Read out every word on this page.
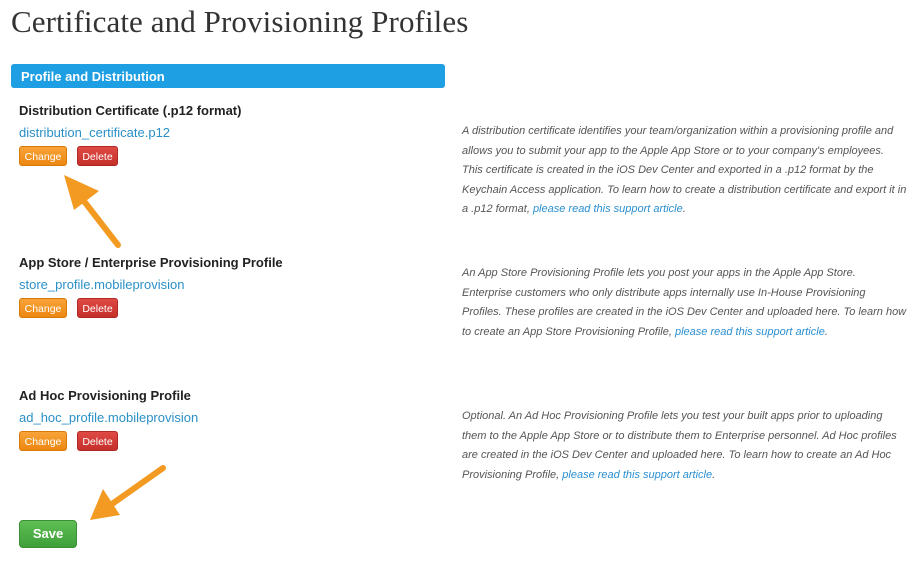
Certificate and Provisioning Profiles
Profile and Distribution
Distribution Certificate (.p12 format)
distribution_certificate.p12
Change	Delete
A distribution certificate identifies your team/organization within a provisioning profile and allows you to submit your app to the Apple App Store or to your company's employees. This certificate is created in the iOS Dev Center and exported in a .p12 format by the Keychain Access application. To learn how to create a distribution certificate and export it in a .p12 format, please read this support article.
App Store / Enterprise Provisioning Profile
store_profile.mobileprovision
Change	Delete
An App Store Provisioning Profile lets you post your apps in the Apple App Store. Enterprise customers who only distribute apps internally use In-House Provisioning Profiles. These profiles are created in the iOS Dev Center and uploaded here. To learn how to create an App Store Provisioning Profile, please read this support article.
Ad Hoc Provisioning Profile
ad_hoc_profile.mobileprovision
Change	Delete
Optional. An Ad Hoc Provisioning Profile lets you test your built apps prior to uploading them to the Apple App Store or to distribute them to Enterprise personnel. Ad Hoc profiles are created in the iOS Dev Center and uploaded here. To learn how to create an Ad Hoc Provisioning Profile, please read this support article.
Save
